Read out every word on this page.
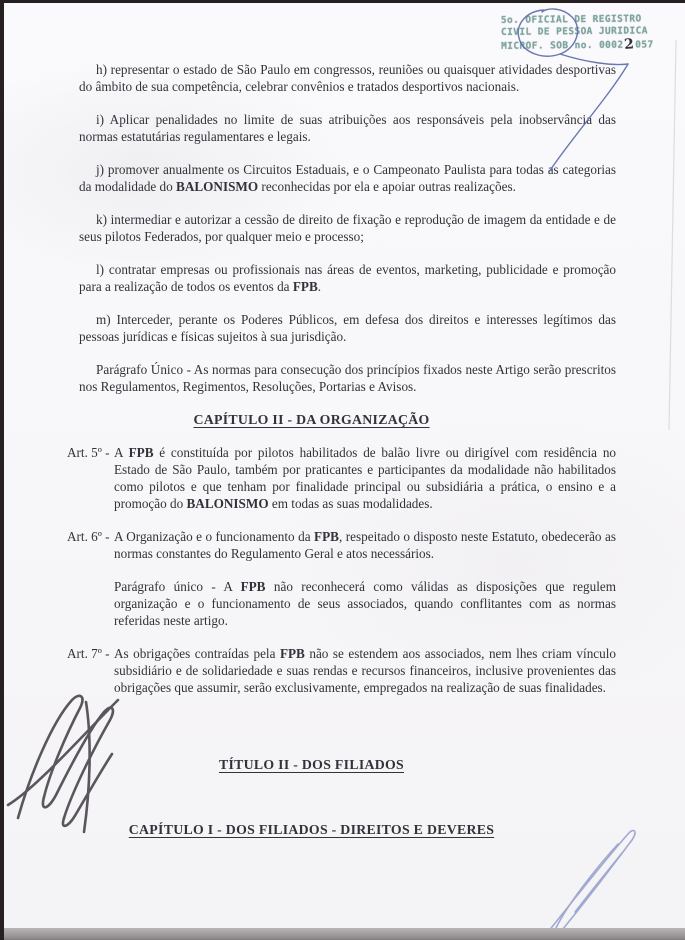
5o. OFICIAL DE REGISTRO
CIVIL DE PESSOA JURIDICA
MICROF. SOB no. 00022057

h) representar o estado de São Paulo em congressos, reuniões ou quaisquer atividades desportivas do âmbito de sua competência, celebrar convênios e tratados desportivos nacionais.

i) Aplicar penalidades no limite de suas atribuições aos responsáveis pela inobservância das normas estatutárias regulamentares e legais.

j) promover anualmente os Circuitos Estaduais, e o Campeonato Paulista para todas as categorias da modalidade do BALONISMO reconhecidas por ela e apoiar outras realizações.

k) intermediar e autorizar a cessão de direito de fixação e reprodução de imagem da entidade e de seus pilotos Federados, por qualquer meio e processo;

l) contratar empresas ou profissionais nas áreas de eventos, marketing, publicidade e promoção para a realização de todos os eventos da FPB.

m) Interceder, perante os Poderes Públicos, em defesa dos direitos e interesses legítimos das pessoas jurídicas e físicas sujeitos à sua jurisdição.

Parágrafo Único - As normas para consecução dos princípios fixados neste Artigo serão prescritos nos Regulamentos, Regimentos, Resoluções, Portarias e Avisos.

CAPÍTULO II - DA ORGANIZAÇÃO
Art. 5º - A FPB é constituída por pilotos habilitados de balão livre ou dirigível com residência no Estado de São Paulo, também por praticantes e participantes da modalidade não habilitados como pilotos e que tenham por finalidade principal ou subsidiária a prática, o ensino e a promoção do BALONISMO em todas as suas modalidades.

Art. 6º - A Organização e o funcionamento da FPB, respeitado o disposto neste Estatuto, obedecerão as normas constantes do Regulamento Geral e atos necessários.

Parágrafo único - A FPB não reconhecerá como válidas as disposições que regulem organização e o funcionamento de seus associados, quando conflitantes com as normas referidas neste artigo.

Art. 7º - As obrigações contraídas pela FPB não se estendem aos associados, nem lhes criam vínculo subsidiário e de solidariedade e suas rendas e recursos financeiros, inclusive provenientes das obrigações que assumir, serão exclusivamente, empregados na realização de suas finalidades.

TÍTULO II - DOS FILIADOS
CAPÍTULO I - DOS FILIADOS - DIREITOS E DEVERES
